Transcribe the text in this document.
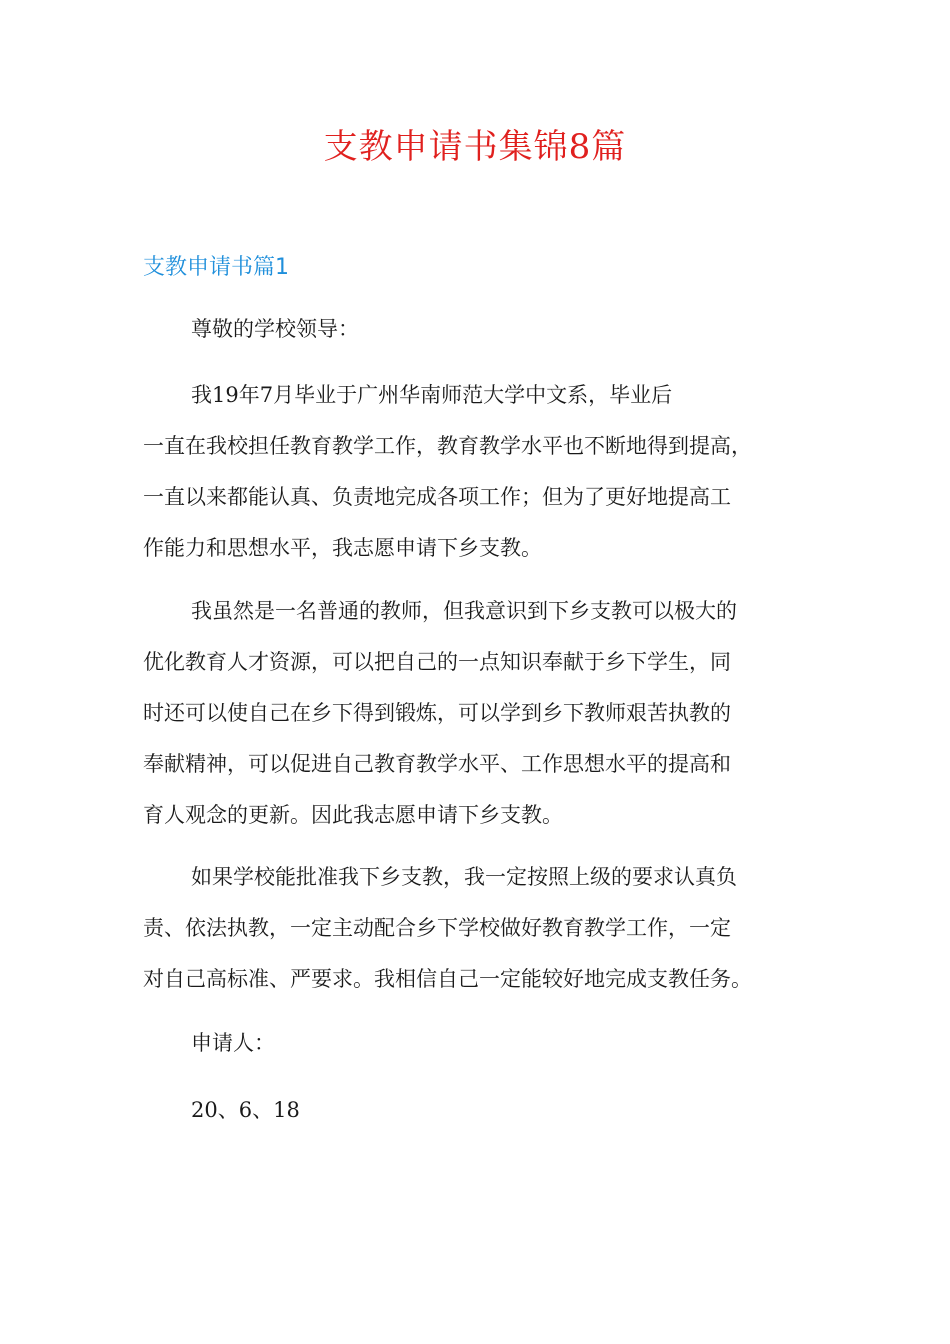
支教申请书集锦8篇
支教申请书篇1

尊敬的学校领导：

我19年7月毕业于广州华南师范大学中文系，毕业后
一直在我校担任教育教学工作，教育教学水平也不断地得到提高，
一直以来都能认真、负责地完成各项工作；但为了更好地提高工
作能力和思想水平，我志愿申请下乡支教。

我虽然是一名普通的教师，但我意识到下乡支教可以极大的
优化教育人才资源，可以把自己的一点知识奉献于乡下学生，同
时还可以使自己在乡下得到锻炼，可以学到乡下教师艰苦执教的
奉献精神，可以促进自己教育教学水平、工作思想水平的提高和
育人观念的更新。因此我志愿申请下乡支教。

如果学校能批准我下乡支教，我一定按照上级的要求认真负
责、依法执教，一定主动配合乡下学校做好教育教学工作，一定
对自己高标准、严要求。我相信自己一定能较好地完成支教任务。

申请人：

20、6、18
